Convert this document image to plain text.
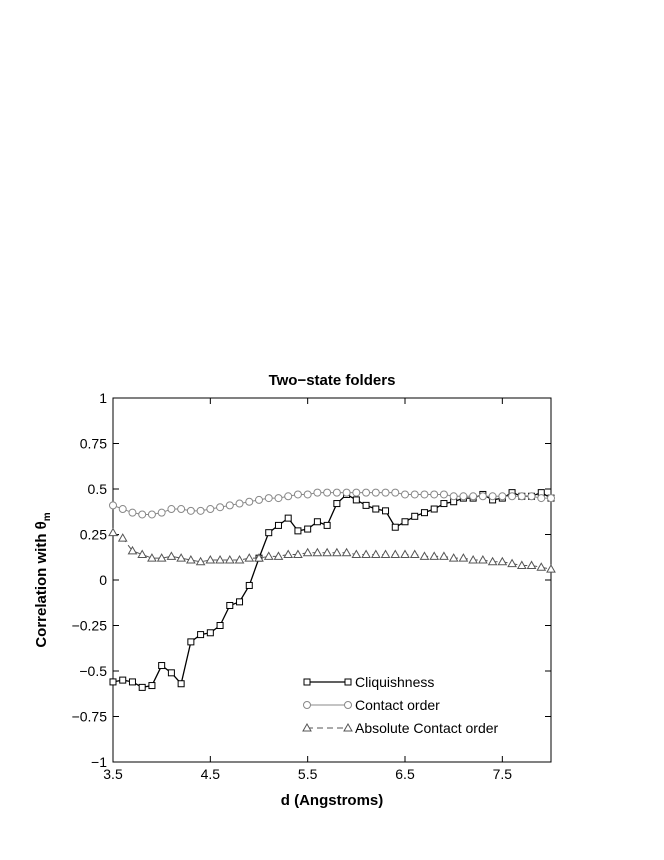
Two−state folders
3.5	4.5	5.5	6.5	7.5
−1
−0.75
−0.5
−0.25
0
0.25
0.5
0.75
1
d (Angstroms)
Correlation with $\theta_m$
Cliquishness
Contact order
Absolute Contact order
